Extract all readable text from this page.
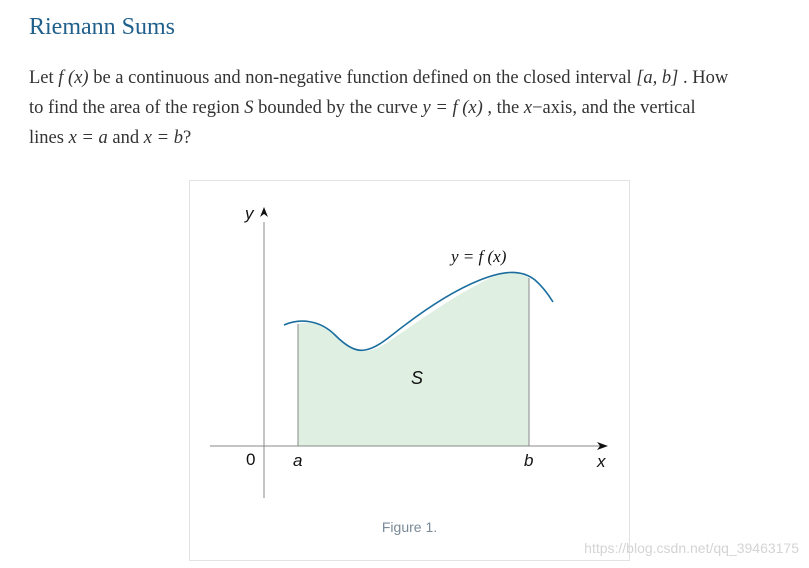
Riemann Sums
Let f (x) be a continuous and non-negative function defined on the closed interval [a, b] . How
to find the area of the region S bounded by the curve y = f (x) , the x−axis, and the vertical
lines x = a and x = b?
y
x
0 a	b
S
y = f (x)
Figure 1.
https://blog.csdn.net/qq_39463175
